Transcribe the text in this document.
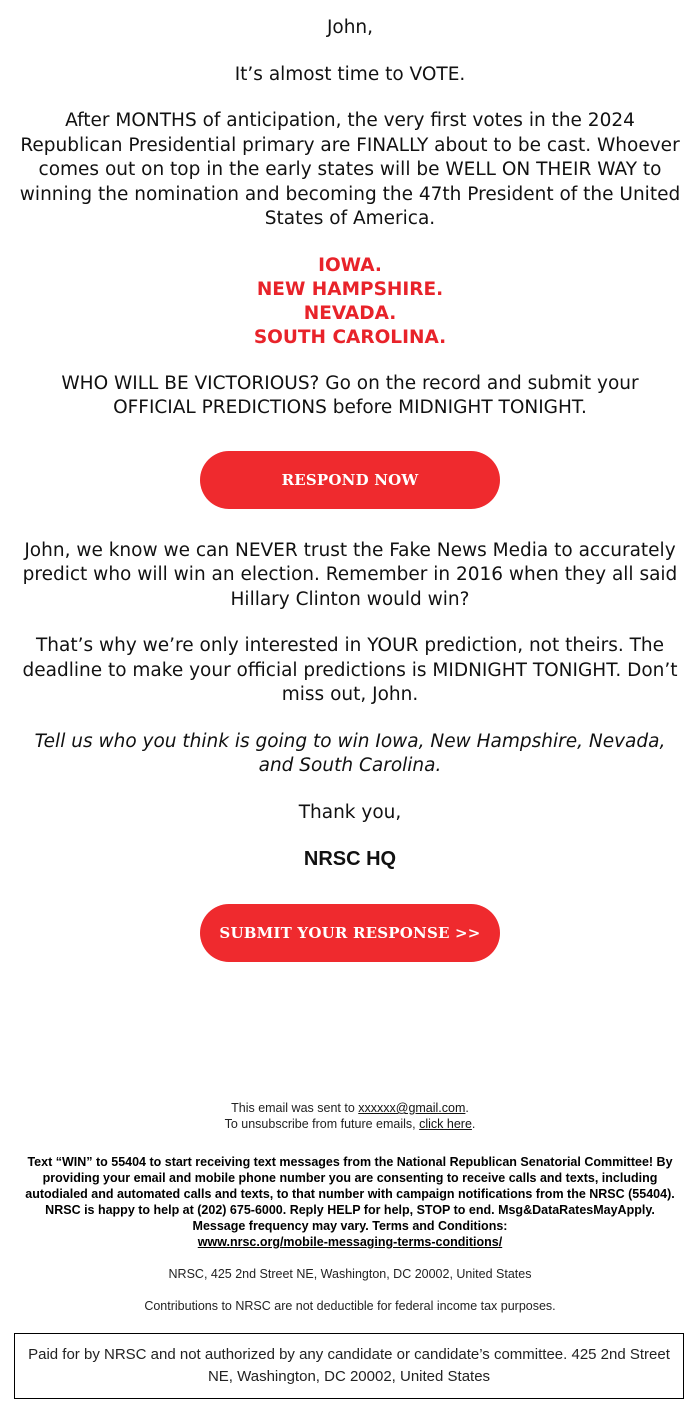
John,

It’s almost time to VOTE.

After MONTHS of anticipation, the very first votes in the 2024 Republican Presidential primary are FINALLY about to be cast. Whoever comes out on top in the early states will be WELL ON THEIR WAY to winning the nomination and becoming the 47th President of the United States of America.

IOWA.
NEW HAMPSHIRE.
NEVADA.
SOUTH CAROLINA.

WHO WILL BE VICTORIOUS? Go on the record and submit your OFFICIAL PREDICTIONS before MIDNIGHT TONIGHT.

RESPOND NOW

John, we know we can NEVER trust the Fake News Media to accurately predict who will win an election. Remember in 2016 when they all said Hillary Clinton would win?

That’s why we’re only interested in YOUR prediction, not theirs. The deadline to make your official predictions is MIDNIGHT TONIGHT. Don’t miss out, John.

Tell us who you think is going to win Iowa, New Hampshire, Nevada, and South Carolina.

Thank you,

NRSC HQ

SUBMIT YOUR RESPONSE >>

This email was sent to xxxxxx@gmail.com.

To unsubscribe from future emails, click here.

Text “WIN” to 55404 to start receiving text messages from the National Republican Senatorial Committee! By providing your email and mobile phone number you are consenting to receive calls and texts, including autodialed and automated calls and texts, to that number with campaign notifications from the NRSC (55404). NRSC is happy to help at (202) 675-6000. Reply HELP for help, STOP to end. Msg&DataRatesMayApply. Message frequency may vary. Terms and Conditions:
www.nrsc.org/mobile-messaging-terms-conditions/

NRSC, 425 2nd Street NE, Washington, DC 20002, United States

Contributions to NRSC are not deductible for federal income tax purposes.

Paid for by NRSC and not authorized by any candidate or candidate’s committee. 425 2nd Street NE, Washington, DC 20002, United States
